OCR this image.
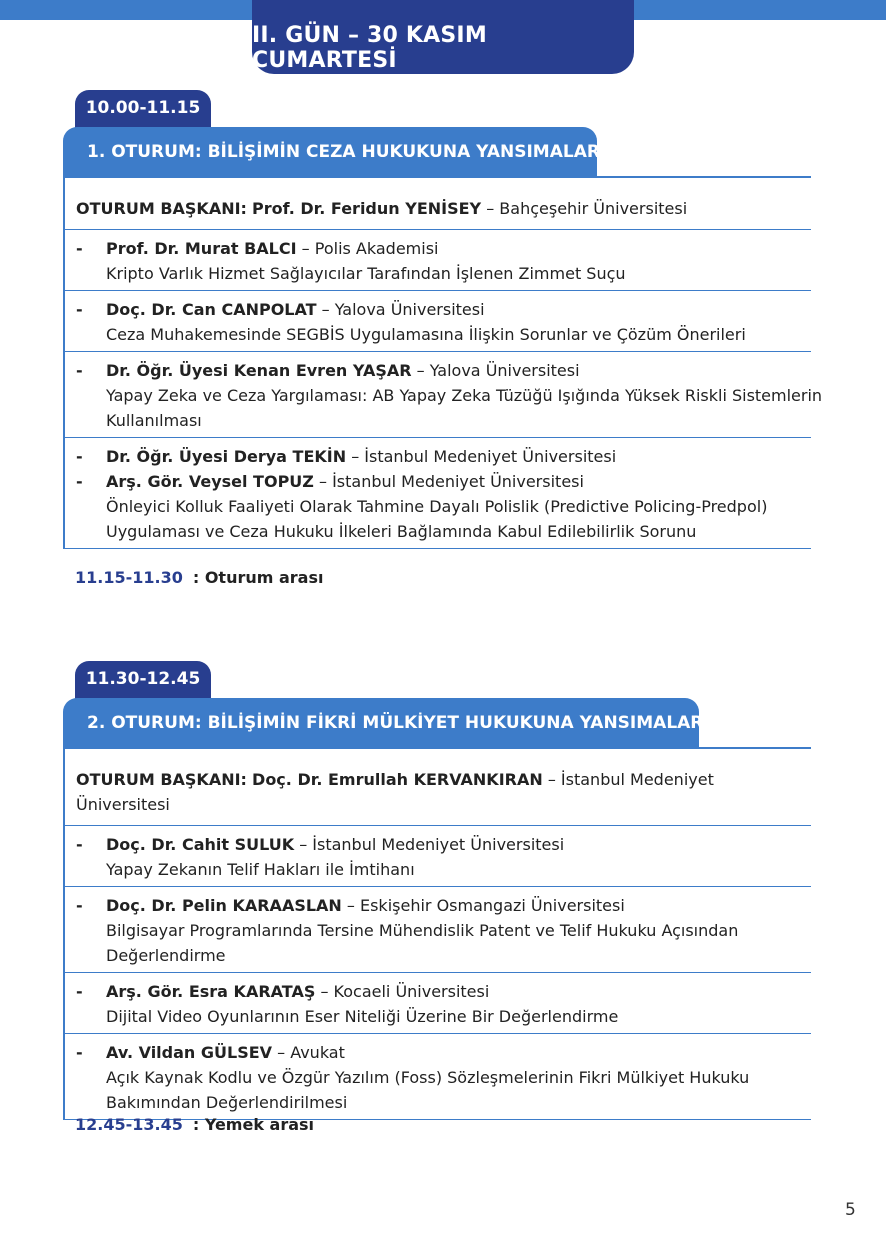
II. GÜN – 30 KASIM CUMARTESİ
10.00-11.15
1. OTURUM: BİLİŞİMİN CEZA HUKUKUNA YANSIMALARI
OTURUM BAŞKANI: Prof. Dr. Feridun YENİSEY – Bahçeşehir Üniversitesi
- Prof. Dr. Murat BALCI – Polis Akademisi
Kripto Varlık Hizmet Sağlayıcılar Tarafından İşlenen Zimmet Suçu
- Doç. Dr. Can CANPOLAT – Yalova Üniversitesi
Ceza Muhakemesinde SEGBİS Uygulamasına İlişkin Sorunlar ve Çözüm Önerileri
- Dr. Öğr. Üyesi Kenan Evren YAŞAR – Yalova Üniversitesi
Yapay Zeka ve Ceza Yargılaması: AB Yapay Zeka Tüzüğü Işığında Yüksek Riskli Sistemlerin
Kullanılması
- Dr. Öğr. Üyesi Derya TEKİN – İstanbul Medeniyet Üniversitesi
- Arş. Gör. Veysel TOPUZ – İstanbul Medeniyet Üniversitesi
Önleyici Kolluk Faaliyeti Olarak Tahmine Dayalı Polislik (Predictive Policing-Predpol)
Uygulaması ve Ceza Hukuku İlkeleri Bağlamında Kabul Edilebilirlik Sorunu
11.15-11.30 : Oturum arası
11.30-12.45
2. OTURUM: BİLİŞİMİN FİKRİ MÜLKİYET HUKUKUNA YANSIMALARI
OTURUM BAŞKANI: Doç. Dr. Emrullah KERVANKIRAN – İstanbul Medeniyet Üniversitesi
- Doç. Dr. Cahit SULUK – İstanbul Medeniyet Üniversitesi
Yapay Zekanın Telif Hakları ile İmtihanı
- Doç. Dr. Pelin KARAASLAN – Eskişehir Osmangazi Üniversitesi
Bilgisayar Programlarında Tersine Mühendislik Patent ve Telif Hukuku Açısından
Değerlendirme
- Arş. Gör. Esra KARATAŞ – Kocaeli Üniversitesi
Dijital Video Oyunlarının Eser Niteliği Üzerine Bir Değerlendirme
- Av. Vildan GÜLSEV – Avukat
Açık Kaynak Kodlu ve Özgür Yazılım (Foss) Sözleşmelerinin Fikri Mülkiyet Hukuku
Bakımından Değerlendirilmesi
12.45-13.45 : Yemek arası
5
